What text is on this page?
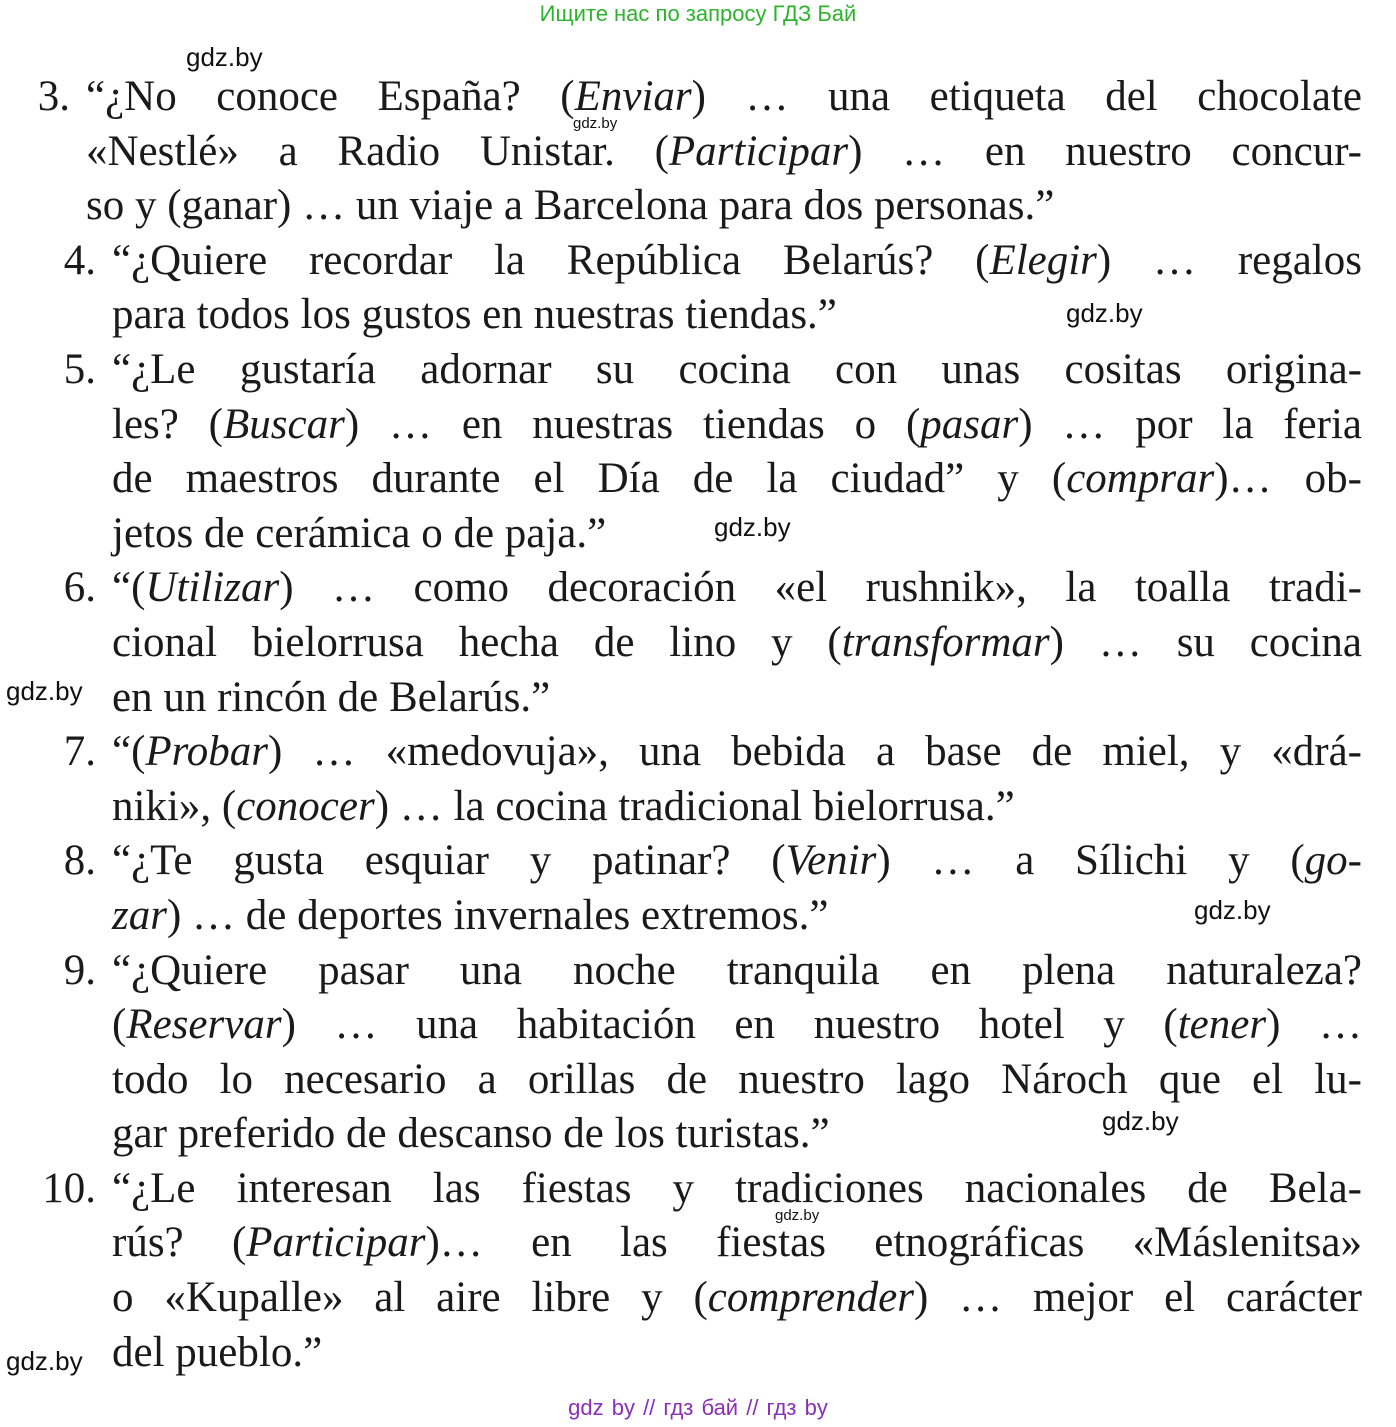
Ищите нас по запросу ГДЗ Бай
3. “¿No conoce España? (Enviar) … una etiqueta del chocolate
«Nestlé» a Radio Unistar. (Participar) … en nuestro concur-
so y (ganar) … un viaje a Barcelona para dos personas.”
4. “¿Quiere recordar la República Belarús? (Elegir) … regalos
para todos los gustos en nuestras tiendas.”
5. “¿Le gustaría adornar su cocina con unas cositas origina-
les? (Buscar) … en nuestras tiendas o (pasar) … por la feria
de maestros durante el Día de la ciudad” y (comprar)… ob-
jetos de cerámica o de paja.”
6. “(Utilizar) … como decoración «el rushnik», la toalla tradi-
cional bielorrusa hecha de lino y (transformar) … su cocina
en un rincón de Belarús.”
7. “(Probar) … «medovuja», una bebida a base de miel, y «drá-
niki», (conocer) … la cocina tradicional bielorrusa.”
8. “¿Te gusta esquiar y patinar? (Venir) … a Sílichi y (go-
zar) … de deportes invernales extremos.”
9. “¿Quiere pasar una noche tranquila en plena naturaleza?
(Reservar) … una habitación en nuestro hotel y (tener) …
todo lo necesario a orillas de nuestro lago Nároch que el lu-
gar preferido de descanso de los turistas.”
10. “¿Le interesan las fiestas y tradiciones nacionales de Bela-
rús? (Participar)… en las fiestas etnográficas «Máslenitsa»
o «Kupalle» al aire libre y (comprender) … mejor el carácter
del pueblo.”
gdz.by
gdz.by
gdz.by
gdz.by
gdz.by
gdz.by
gdz.by
gdz.by
gdz.by
gdz by // гдз бай // гдз by
